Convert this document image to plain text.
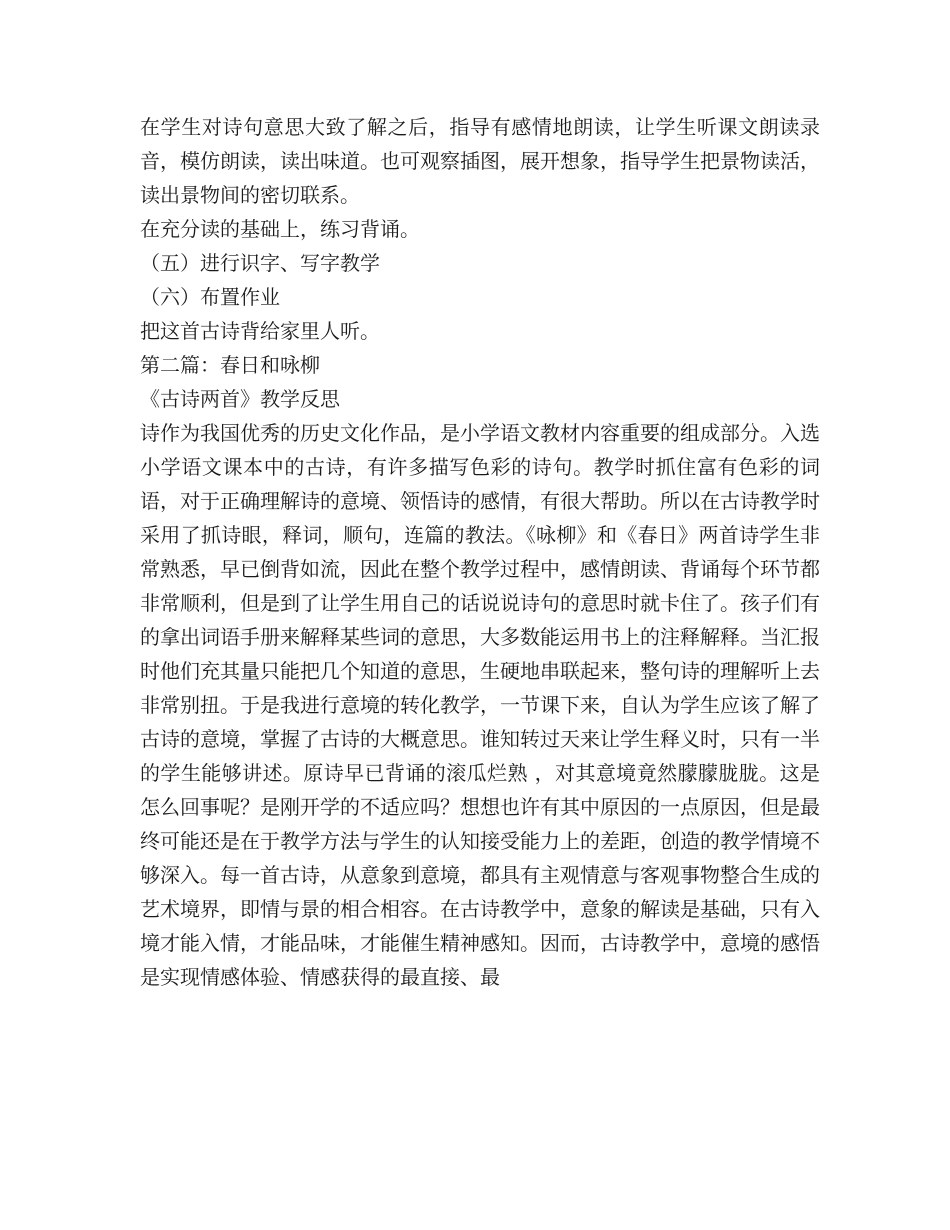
在学生对诗句意思大致了解之后，指导有感情地朗读，让学生听课文朗读录音，模仿朗读，读出味道。也可观察插图，展开想象，指导学生把景物读活，读出景物间的密切联系。

在充分读的基础上，练习背诵。

（五）进行识字、写字教学

（六）布置作业

把这首古诗背给家里人听。

第二篇：春日和咏柳

《古诗两首》教学反思

诗作为我国优秀的历史文化作品，是小学语文教材内容重要的组成部分。入选小学语文课本中的古诗，有许多描写色彩的诗句。教学时抓住富有色彩的词语，对于正确理解诗的意境、领悟诗的感情，有很大帮助。所以在古诗教学时采用了抓诗眼，释词，顺句，连篇的教法。《咏柳》和《春日》两首诗学生非常熟悉，早已倒背如流，因此在整个教学过程中，感情朗读、背诵每个环节都非常顺利，但是到了让学生用自己的话说说诗句的意思时就卡住了。孩子们有的拿出词语手册来解释某些词的意思，大多数能运用书上的注释解释。当汇报时他们充其量只能把几个知道的意思，生硬地串联起来，整句诗的理解听上去非常别扭。于是我进行意境的转化教学，一节课下来，自认为学生应该了解了古诗的意境，掌握了古诗的大概意思。谁知转过天来让学生释义时，只有一半的学生能够讲述。原诗早已背诵的滚瓜烂熟 ，对其意境竟然朦朦胧胧。这是怎么回事呢？是刚开学的不适应吗？想想也许有其中原因的一点原因，但是最终可能还是在于教学方法与学生的认知接受能力上的差距，创造的教学情境不够深入。每一首古诗，从意象到意境，都具有主观情意与客观事物整合生成的艺术境界，即情与景的相合相容。在古诗教学中，意象的解读是基础，只有入境才能入情，才能品味，才能催生精神感知。因而，古诗教学中，意境的感悟是实现情感体验、情感获得的最直接、最
